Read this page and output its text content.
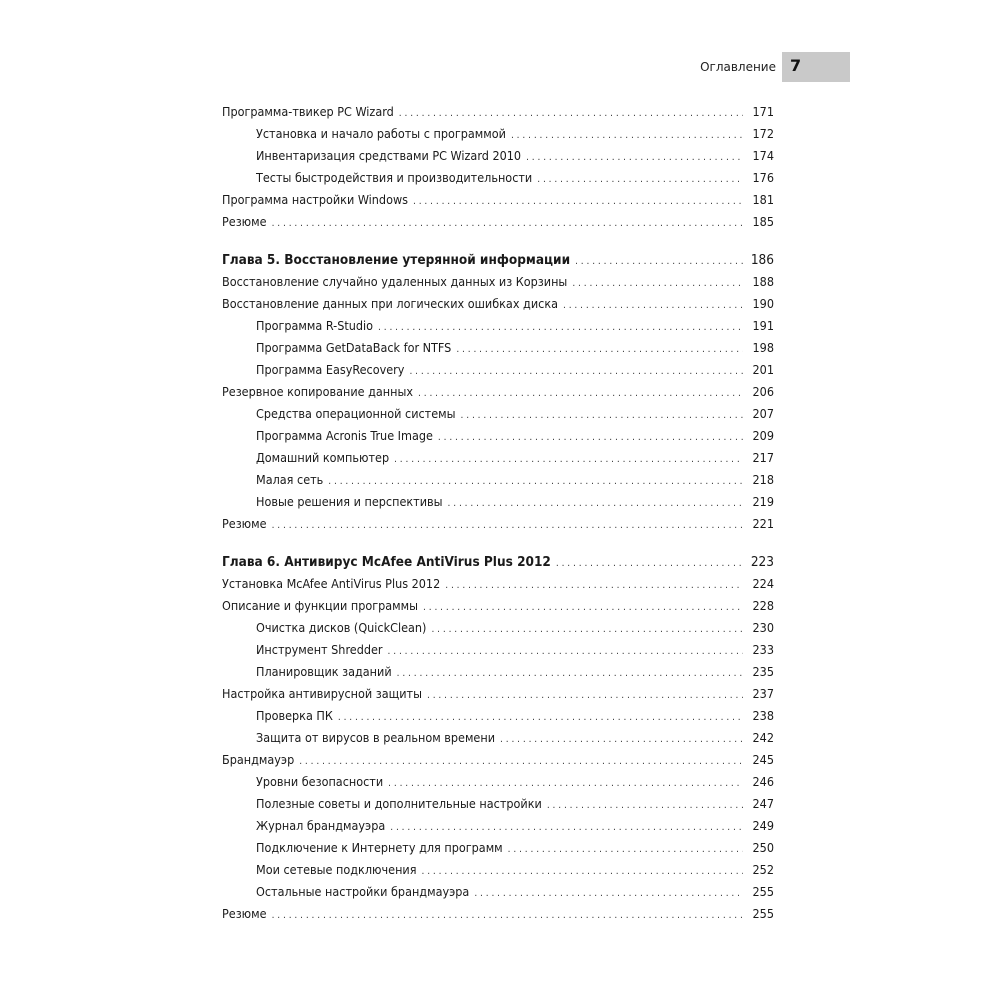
Оглавление 7
Программа-твикер PC Wizard . . .	171
Установка и начало работы с программой . . .	172
Инвентаризация средствами PC Wizard 2010 . . .	174
Тесты быстродействия и производительности . . .	176
Программа настройки Windows . . .	181
Резюме . . .	185
Глава 5. Восстановление утерянной информации . . .	186
Восстановление случайно удаленных данных из Корзины . . .	188
Восстановление данных при логических ошибках диска . . .	190
Программа R-Studio . . .	191
Программа GetDataBack for NTFS . . .	198
Программа EasyRecovery . . .	201
Резервное копирование данных . . .	206
Средства операционной системы . . .	207
Программа Acronis True Image . . .	209
Домашний компьютер . . .	217
Малая сеть . . .	218
Новые решения и перспективы . . .	219
Резюме . . .	221
Глава 6. Антивирус McAfee AntiVirus Plus 2012 . . .	223
Установка McAfee AntiVirus Plus 2012 . . .	224
Описание и функции программы . . .	228
Очистка дисков (QuickClean) . . .	230
Инструмент Shredder . . .	233
Планировщик заданий . . .	235
Настройка антивирусной защиты . . .	237
Проверка ПК . . .	238
Защита от вирусов в реальном времени . . .	242
Брандмауэр . . .	245
Уровни безопасности . . .	246
Полезные советы и дополнительные настройки . . .	247
Журнал брандмауэра . . .	249
Подключение к Интернету для программ . . .	250
Мои сетевые подключения . . .	252
Остальные настройки брандмауэра . . .	255
Резюме . . .	255
